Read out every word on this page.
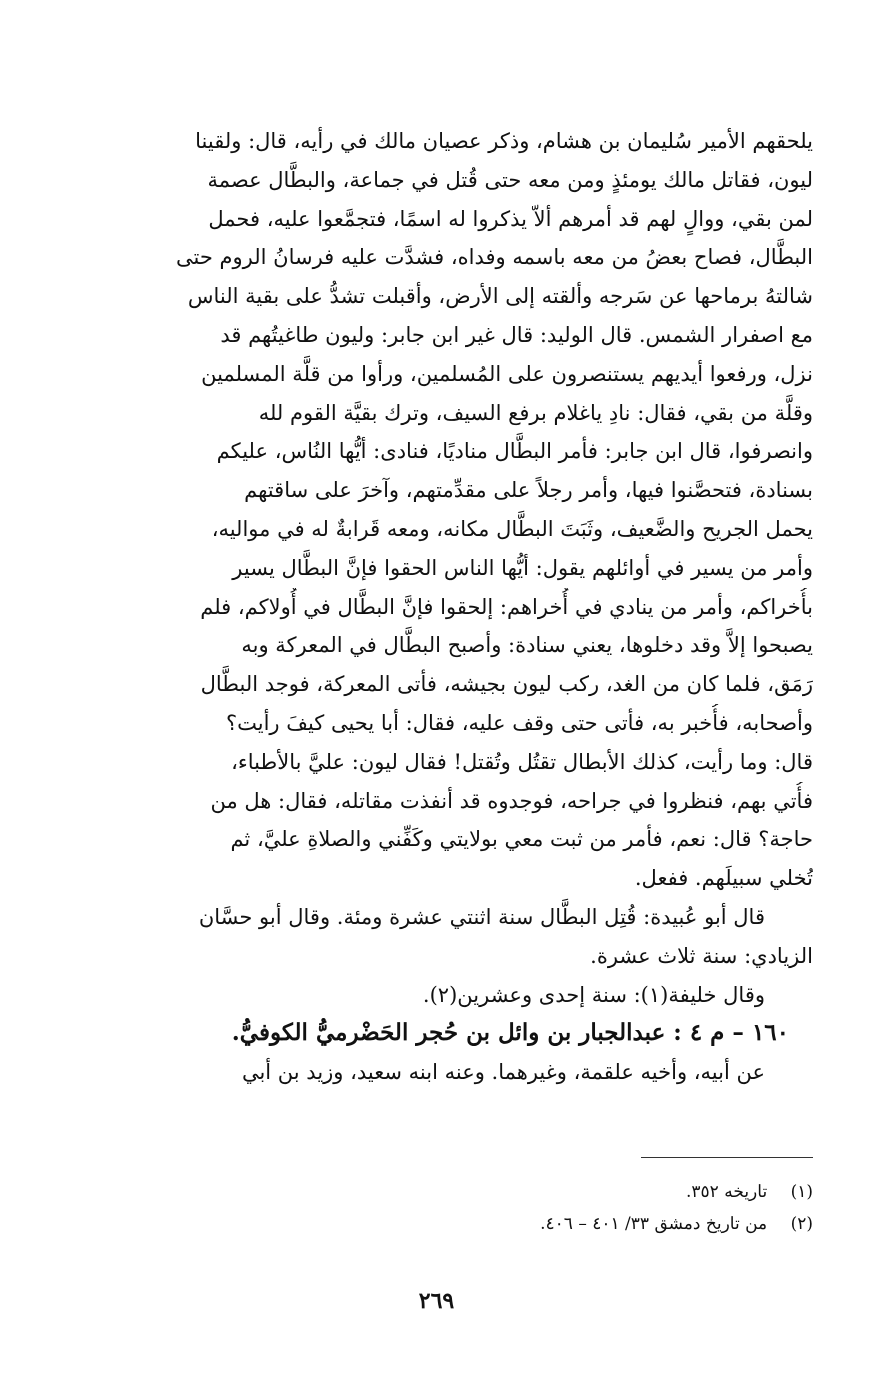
يلحقهم الأمير سُليمان بن هشام، وذكر عصيان مالك في رأيه، قال: ولقينا
ليون، فقاتل مالك يومئذٍ ومن معه حتى قُتل في جماعة، والبطَّال عصمة
لمن بقي، ووالٍ لهم قد أمرهم ألاّ يذكروا له اسمًا، فتجمَّعوا عليه، فحمل
البطَّال، فصاح بعضُ من معه باسمه وفداه، فشدَّت عليه فرسانُ الروم حتى
شالتهُ برماحها عن سَرجه وألقته إلى الأرض، وأقبلت تشدُّ على بقية الناس
مع اصفرار الشمس. قال الوليد: قال غير ابن جابر: وليون طاغيتُهم قد
نزل، ورفعوا أيديهم يستنصرون على المُسلمين، ورأوا من قلَّة المسلمين
وقلَّة من بقي، فقال: نادِ ياغلام برفع السيف، وترك بقيَّة القوم لله
وانصرفوا، قال ابن جابر: فأمر البطَّال مناديًا، فنادى: أيُّها النُاس، عليكم
بسنادة، فتحصَّنوا فيها، وأمر رجلاً على مقدِّمتهم، وآخرَ على ساقتهم
يحمل الجريح والضَّعيف، وثَبَتَ البطَّال مكانه، ومعه قَرابةٌ له في مواليه،
وأمر من يسير في أوائلهم يقول: أيُّها الناس الحقوا فإنَّ البطَّال يسير
بأُخراكم، وأمر من ينادي في أُخراهم: إلحقوا فإنَّ البطَّال في أُولاكم، فلم
يصبحوا إلاَّ وقد دخلوها، يعني سنادة: وأصبح البطَّال في المعركة وبه
رَمَق، فلما كان من الغد، ركب ليون بجيشه، فأتى المعركة، فوجد البطَّال
وأصحابه، فأُخبر به، فأتى حتى وقف عليه، فقال: أبا يحيى كيفَ رأيت؟
قال: وما رأيت، كذلك الأبطال تقتُل وتُقتل! فقال ليون: عليَّ بالأطباء،
فأُتي بهم، فنظروا في جراحه، فوجدوه قد أنفذت مقاتله، فقال: هل من
حاجة؟ قال: نعم، فأمر من ثبت معي بولايتي وكَفِّني والصلاةِ عليَّ، ثم
تُخلي سبيلَهم. ففعل.
قال أبو عُبيدة: قُتِل البطَّال سنة اثنتي عشرة ومئة. وقال أبو حسَّان
الزيادي: سنة ثلاث عشرة.
وقال خليفة(١): سنة إحدى وعشرين(٢).
١٦٠ – م ٤ : عبدالجبار بن وائل بن حُجر الحَضْرميُّ الكوفيُّ.
عن أبيه، وأخيه علقمة، وغيرهما. وعنه ابنه سعيد، وزيد بن أبي
(١) تاريخه ٣٥٢.
(٢) من تاريخ دمشق ٣٣/ ٤٠١ – ٤٠٦.
٢٦٩
